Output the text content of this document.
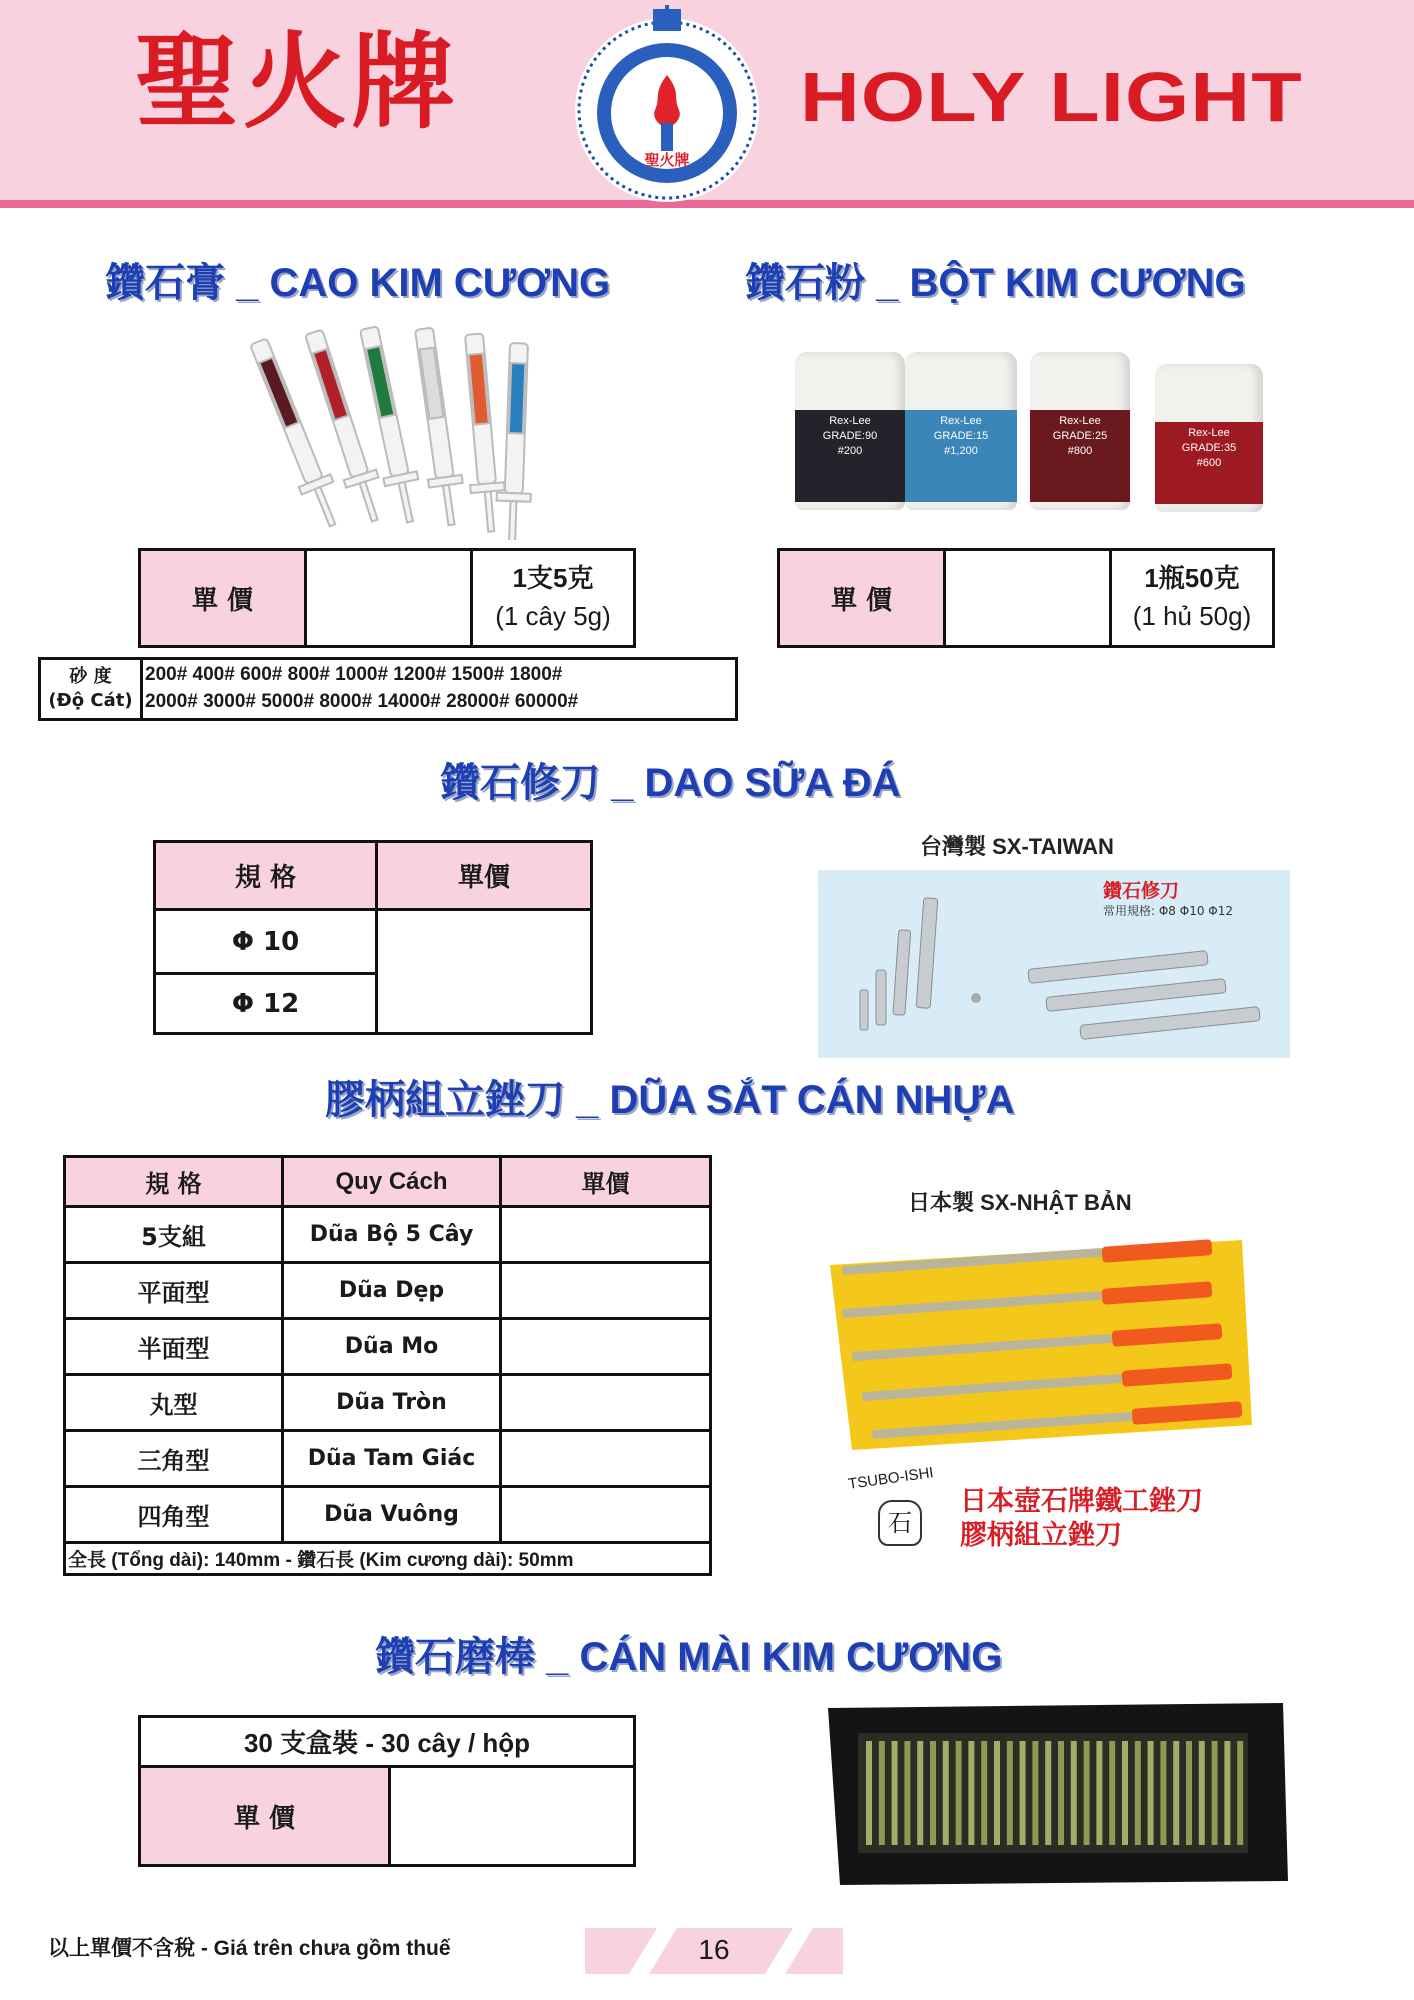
聖火牌
聖火牌
HOLY LIGHT
鑽石膏 _ CAO KIM CƯƠNG	鑽石粉 _ BỘT KIM CƯƠNG
Rex-Lee
GRADE:90
#200
Rex-Lee
GRADE:15
#1,200
Rex-Lee
GRADE:25
#800
Rex-Lee
GRADE:35
#600
單 價		
1支5克
(1 cây 5g)
砂 度
(Độ Cát)

200# 400# 600# 800# 1000# 1200# 1500# 1800#
2000# 3000# 5000# 8000# 14000# 28000# 60000#
單 價		
1瓶50克
(1 hủ 50g)
鑽石修刀 _ DAO SỮA ĐÁ
台灣製 SX-TAIWAN
規 格	單價
Φ 10	
Φ 12	
鑽石修刀
常用規格: Φ8 Φ10 Φ12
膠柄組立銼刀 _ DŨA SẮT CÁN NHỰA
日本製 SX-NHẬT BẢN
規 格	Quy Cách	單價
5支組	Dũa Bộ 5 Cây	
平面型	Dũa Dẹp	
半面型	Dũa Mo	
丸型	Dũa Tròn	
三角型	Dũa Tam Giác	
四角型	Dũa Vuông	
全長 (Tổng dài): 140mm - 鑽石長 (Kim cương dài): 50mm		
TSUBO-ISHI
石
日本壺石牌鐵工銼刀
膠柄組立銼刀
鑽石磨棒 _ CÁN MÀI KIM CƯƠNG
30 支盒裝 - 30 cây / hộp
單 價	
以上單價不含稅 - Giá trên chưa gồm thuế	16
